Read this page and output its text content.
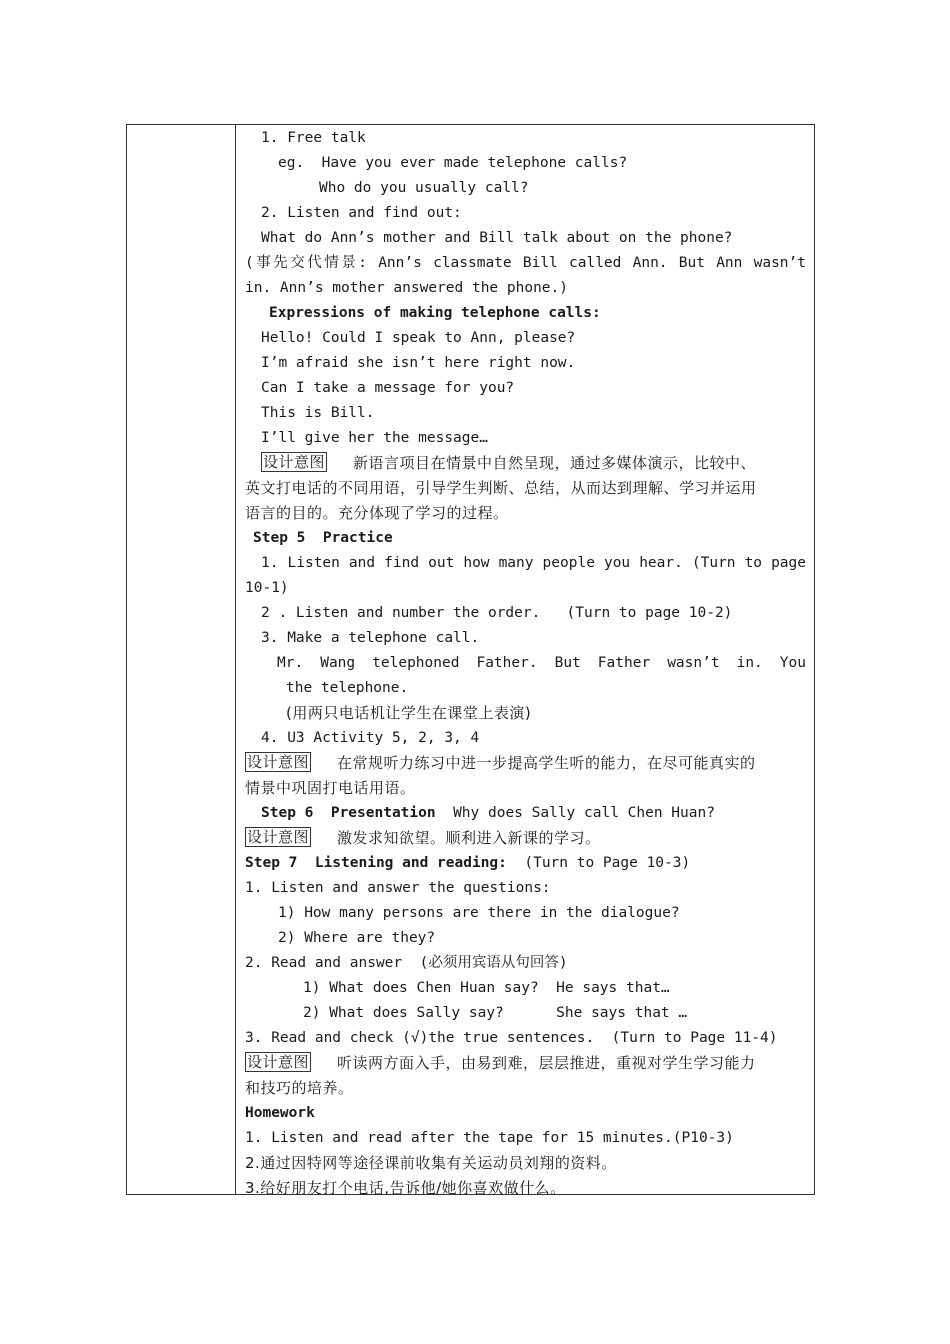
1. Free talk
eg.  Have you ever made telephone calls?
Who do you usually call?
2. Listen and find out:
What do Ann’s mother and Bill talk about on the phone?
(事先交代情景: Ann’s classmate Bill called Ann. But Ann wasn’t
in. Ann’s mother answered the phone.)
Expressions of making telephone calls:
Hello! Could I speak to Ann, please?
I’m afraid she isn’t here right now.
Can I take a message for you?
This is Bill.
I’ll give her the message…
设计意图 新语言项目在情景中自然呈现，通过多媒体演示，比较中、
英文打电话的不同用语，引导学生判断、总结，从而达到理解、学习并运用
语言的目的。充分体现了学习的过程。
Step 5  Practice
1. Listen and find out how many people you hear. (Turn to page
10-1)
2 . Listen and number the order.   (Turn to page 10-2)
3. Make a telephone call.
Mr. Wang telephoned Father. But Father wasn’t in. You
the telephone.
(用两只电话机让学生在课堂上表演)
4. U3 Activity 5, 2, 3, 4
设计意图 在常规听力练习中进一步提高学生听的能力，在尽可能真实的
情景中巩固打电话用语。
Step 6  Presentation  Why does Sally call Chen Huan?
设计意图 激发求知欲望。顺利进入新课的学习。
Step 7  Listening and reading:  (Turn to Page 10-3)
1. Listen and answer the questions:
1) How many persons are there in the dialogue?
2) Where are they?
2. Read and answer  (必须用宾语从句回答)
1) What does Chen Huan say?  He says that…
2) What does Sally say?      She says that …
3. Read and check (√)the true sentences.  (Turn to Page 11-4)
设计意图 听读两方面入手，由易到难，层层推进，重视对学生学习能力
和技巧的培养。
Homework
1. Listen and read after the tape for 15 minutes.(P10-3)
2.通过因特网等途径课前收集有关运动员刘翔的资料。
3.给好朋友打个电话,告诉他/她你喜欢做什么。
